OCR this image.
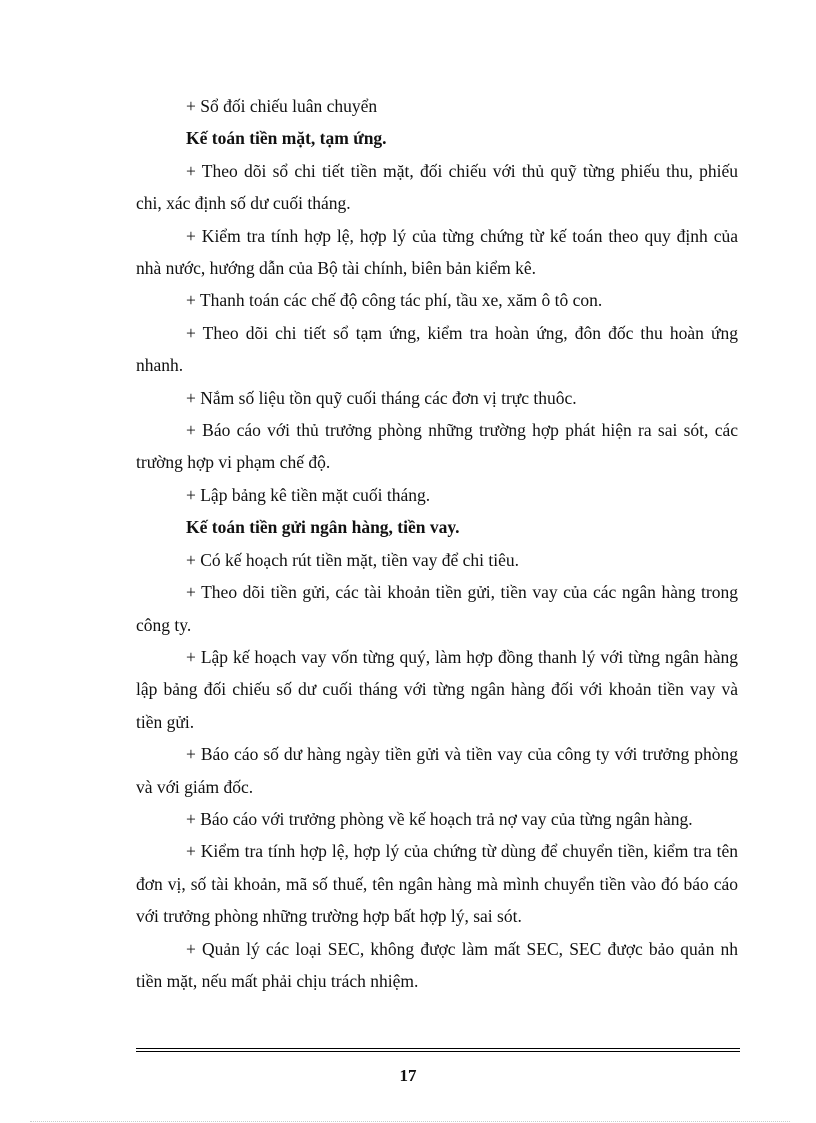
+ Sổ đối chiếu luân chuyển

Kế toán tiền mặt, tạm ứng.

+ Theo dõi sổ chi tiết tiền mặt, đối chiếu với thủ quỹ từng phiếu thu, phiếu chi, xác định số dư cuối tháng.

+ Kiểm tra tính hợp lệ, hợp lý của từng chứng từ kế toán theo quy định của nhà nước, hướng dẫn của Bộ tài chính, biên bản kiểm kê.

+ Thanh toán các chế độ công tác phí, tầu xe, xăm ô tô con.

+ Theo dõi chi tiết sổ tạm ứng, kiểm tra hoàn ứng, đôn đốc thu hoàn ứng nhanh.

+ Nắm số liệu tồn quỹ cuối tháng các đơn vị trực thuôc.

+ Báo cáo với thủ trưởng phòng những trường hợp phát hiện ra sai sót, các trường hợp vi phạm chế độ.

+ Lập bảng kê tiền mặt cuối tháng.

Kế toán tiền gửi ngân hàng, tiền vay.

+ Có kế hoạch rút tiền mặt, tiền vay để chi tiêu.

+ Theo dõi tiền gửi, các tài khoản tiền gửi, tiền vay của các ngân hàng trong công ty.

+ Lập kế hoạch vay vốn từng quý, làm hợp đồng thanh lý với từng ngân hàng lập bảng đối chiếu số dư cuối tháng với từng ngân hàng đối với khoản tiền vay và tiền gửi.

+ Báo cáo số dư hàng ngày tiền gửi và tiền vay của công ty với trưởng phòng và với giám đốc.

+ Báo cáo với trưởng phòng về kế hoạch trả nợ vay của từng ngân hàng.

+ Kiểm tra tính hợp lệ, hợp lý của chứng từ dùng để chuyển tiền, kiểm tra tên đơn vị, số tài khoản, mã số thuế, tên ngân hàng mà mình chuyển tiền vào đó báo cáo với trưởng phòng những trường hợp bất hợp lý, sai sót.

+ Quản lý các loại SEC, không được làm mất SEC, SEC được bảo quản nh tiền mặt, nếu mất phải chịu trách nhiệm.

17
